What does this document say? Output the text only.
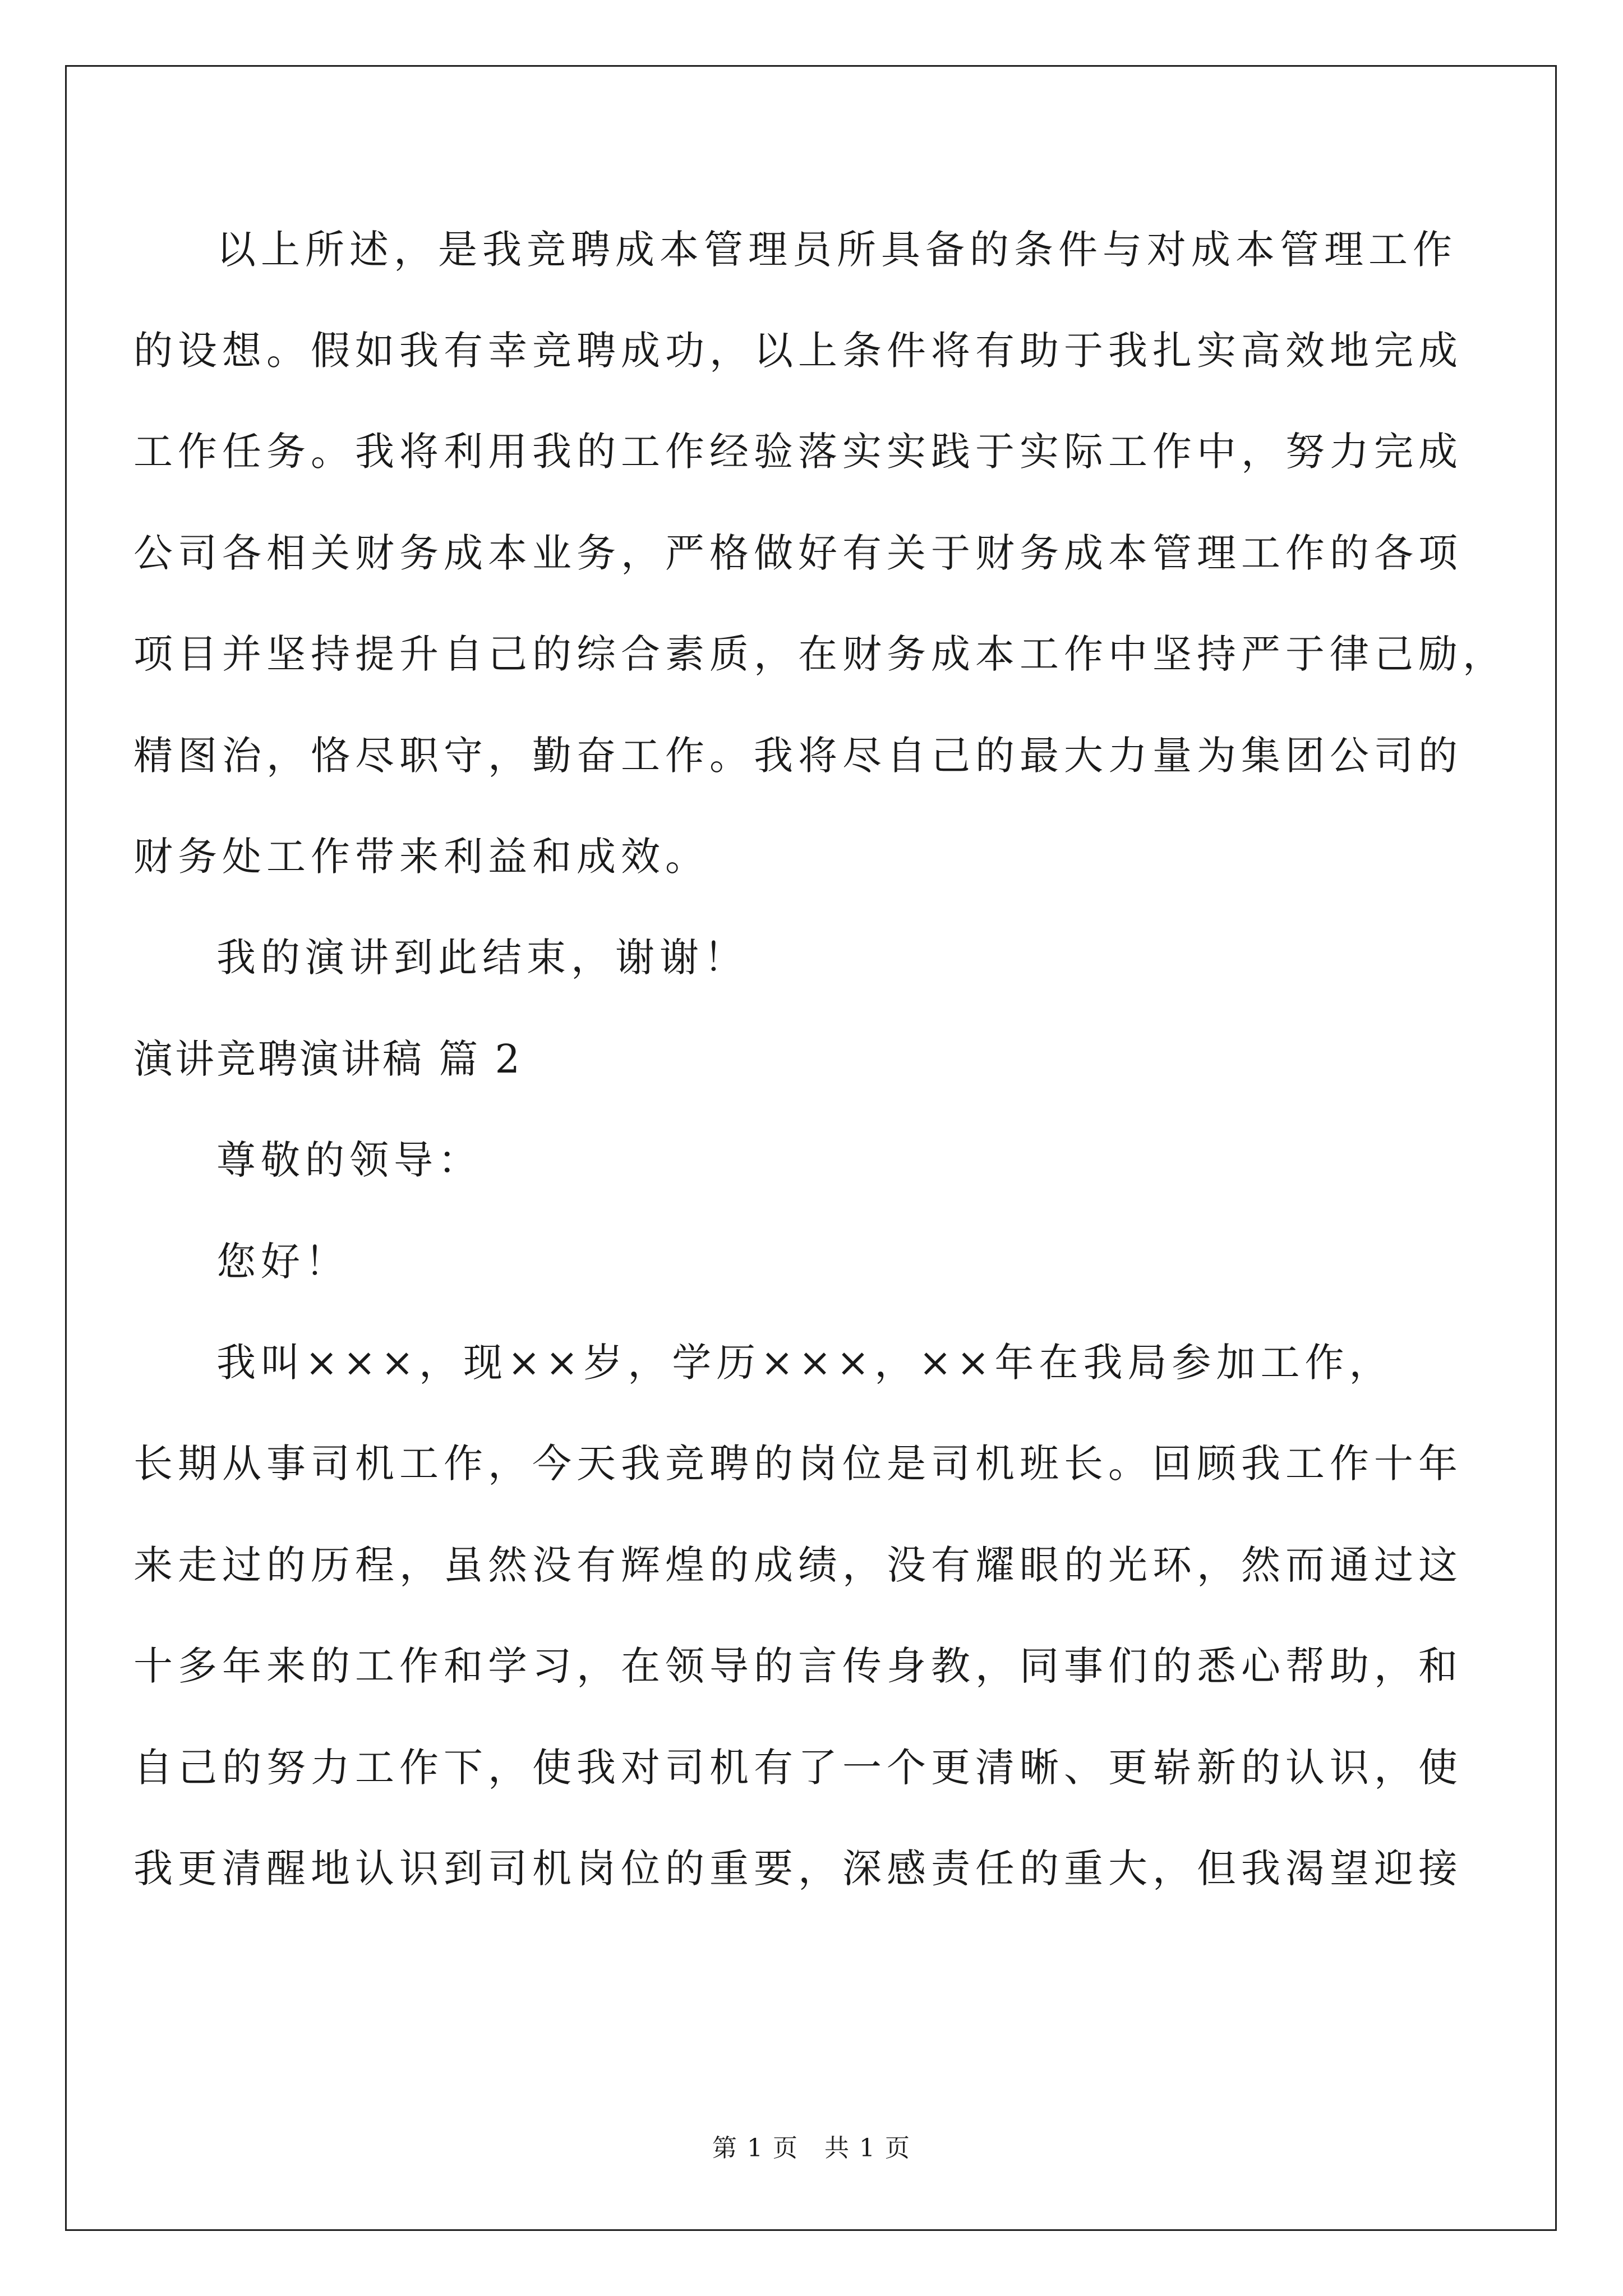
以上所述，是我竞聘成本管理员所具备的条件与对成本管理工作
的设想。假如我有幸竞聘成功，以上条件将有助于我扎实高效地完成
工作任务。我将利用我的工作经验落实实践于实际工作中，努力完成
公司各相关财务成本业务，严格做好有关于财务成本管理工作的各项
项目并坚持提升自己的综合素质，在财务成本工作中坚持严于律己励，
精图治，恪尽职守，勤奋工作。我将尽自己的最大力量为集团公司的
财务处工作带来利益和成效。
我的演讲到此结束，谢谢！
演讲竞聘演讲稿 篇 2
尊敬的领导：
您好！
我叫×××，现××岁，学历×××，××年在我局参加工作，
长期从事司机工作，今天我竞聘的岗位是司机班长。回顾我工作十年
来走过的历程，虽然没有辉煌的成绩，没有耀眼的光环，然而通过这
十多年来的工作和学习，在领导的言传身教，同事们的悉心帮助，和
自己的努力工作下，使我对司机有了一个更清晰、更崭新的认识，使
我更清醒地认识到司机岗位的重要，深感责任的重大，但我渴望迎接
第 1 页　共 1 页
